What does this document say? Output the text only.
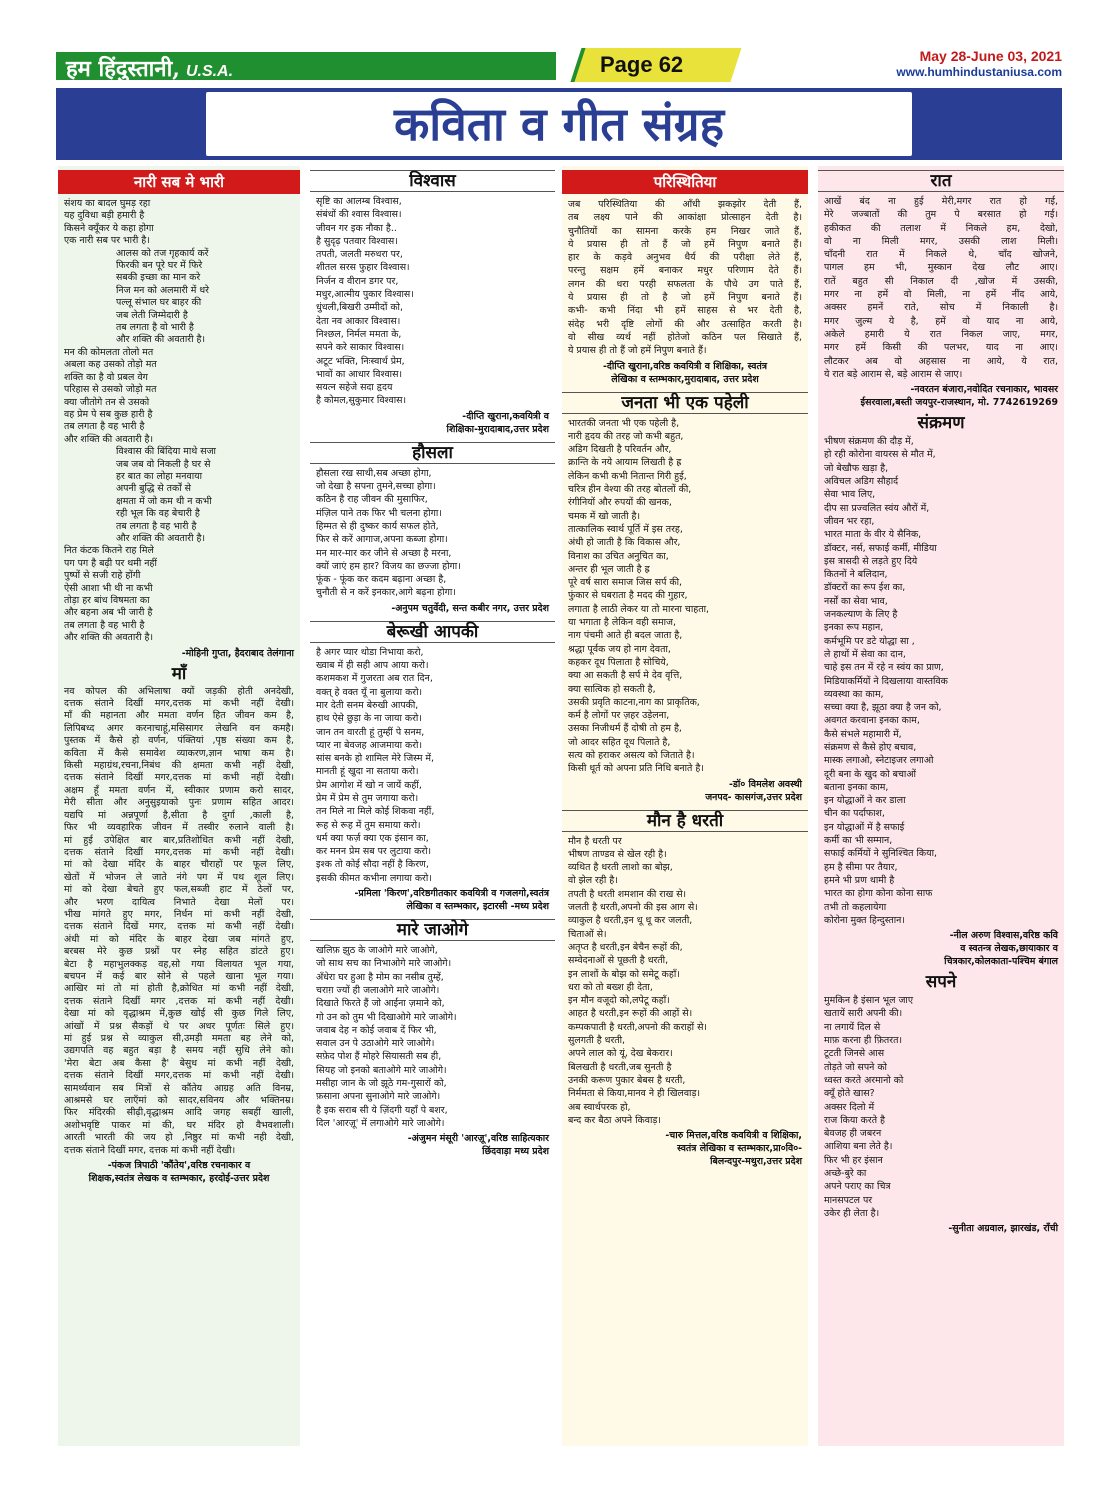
हम हिंदुस्तानी, U.S.A.	Page 62	May 28-June 03, 2021
www.humhindustaniusa.com
कविता व गीत संग्रह
नारी सब मे भारी
संशय का बादल घुमड़ रहा
यह दुविधा बड़ी हमारी है
किसने क्यूँकर ये कहा होगा
एक नारी सब पर भारी है।
आलस को तज गृहकार्य करें
फिरकी बन पूरे घर में फिरे
सबकी इच्छा का मान करे
निज मन को अलमारी में धरे
पल्लू संभाल घर बाहर की
जब लेती जिम्मेदारी है
तब लगता है वो भारी है
और शक्ति की अवतारी है।
मन की कोमलता तोलो मत
अबला कह उसको तोड़ो मत
शक्ति का है वो प्रबल वेग
परिहास से उसको जोड़ो मत
क्या जीतोगे तन से उसको
वह प्रेम पे सब कुछ हारी है
तब लगता है वह भारी है
और शक्ति की अवतारी है।
विश्वास की बिंदिया माथे सजा
जब जब वो निकली है घर से
हर बात का लोहा मनवाया
अपनी बुद्धि से तर्कों से
क्षमता में जो कम थी न कभी
रही भूल कि वह बेचारी है
तब लगता है वह भारी है
और शक्ति की अवतारी है।
नित कंटक कितने राह मिले
पग पग है बढ़ी पर थमी नहीं
पुष्पों से सजी राहे होंगी
ऐसी आशा भी थी ना कभी
तोड़ा हर बांध विषमता का
और बहना अब भी जारी है
तब लगता है वह भारी है
और शक्ति की अवतारी है।
-मोहिनी गुप्ता, हैदराबाद तेलंगाना
माँ
नव कोपल की अभिलाषा क्यों जड़की होती अनदेखी,
दत्तक संताने दिखीं मगर,दत्तक मां कभी नहीं देखी।
माँ की महानता और ममता वर्णन हित जीवन कम है,
लिपिबध्द अगर करनाचाहूं,मसिसागर लेखनि वन कमहै।
पुस्तक में कैसे हो वर्णन, पंक्तियां ,पृष्ठ संख्या कम है,
कविता में कैसे समावेश व्याकरण,ज्ञान भाषा कम है।
किसी महाग्रंथ,रचना,निबंध की क्षमता कभी नहीं देखी,
दत्तक संताने दिखीं मगर,दत्तक मां कभी नहीं देखी।
अक्षम हूँ ममता वर्णन में, स्वीकार प्रणाम करो सादर,
मेरी सीता और अनुसुइयाको पुनः प्रणाम सहित आदर।
यद्यपि मां अन्नपूर्णा है,सीता है दुर्गा ,काली है,
फिर भी व्यवहारिक जीवन में तस्वीर रुलाने वाली है।
मां हुई उपेक्षित बार बार,प्रतिशोधित कभी नहीं देखी,
दत्तक संताने दिखीं मगर,दत्तक मां कभी नहीं देखी।
मां को देखा मंदिर के बाहर चौराहों पर फूल लिए,
खेतों में भोजन ले जाते नंगे पग में पथ शूल लिए।
मां को देखा बेचते हुए फल,सब्जी हाट में ठेलों पर,
और भरण दायित्व निभाते देखा मेलों पर।
भीख मांगते हुए मगर, निर्धन मां कभी नहीं देखी,
दत्तक संताने दिखें मगर, दत्तक मां कभी नहीं देखी।
अंधी मां को मंदिर के बाहर देखा जब मांगते हुए,
बरबस मेरे कुछ प्रश्नों पर स्नेह सहित डांटते हुए।
बेटा है महाभुलक्कड़ वह,सो गया विलायत भूल गया,
बचपन में कई बार सोने से पहले खाना भूल गया।
आखिर मां तो मां होती है,क्रोधित मां कभी नहीं देखी,
दत्तक संताने दिखीं मगर ,दत्तक मां कभी नहीं देखी।
देखा मां को वृद्धाश्रम में,कुछ खोई सी कुछ गिले लिए,
आंखों में प्रश्न सैकड़ों थे पर अधर पूर्णतः सिले हुए।
मां हुई प्रश्न से व्याकुल सी,उमड़ी ममता बह लेने को,
उद्यगपति वह बहुत बड़ा है समय नहीं सुधि लेने को।
'मेरा बेटा अब कैसा है' बेसुध मां कभी नहीं देखी,
दत्तक संताने दिखीं मगर,दत्तक मां कभी नहीं देखी।
सामर्थ्यवान सब मित्रों से कौंतेय आग्रह अति विनम्र,
आश्रमसे घर लाएँमां को सादर,सविनय और भक्तिनम्र।
फिर मंदिरकी सीढ़ी,वृद्धाश्रम आदि जगह सबहीं खाली,
अशोभवृष्टि पाकर मां की, घर मंदिर हो वैभवशाली।
आरती भारती की जय हो ,निष्ठुर मां कभी नही देखी,
दत्तक संताने दिखीं मगर, दत्तक मां कभी नहीं देखी।
-पंकज त्रिपाठी 'कौंतेय',वरिष्ठ रचनाकार व
शिक्षक,स्वतंत्र लेखक व स्तम्भकार, हरदोई-उत्तर प्रदेश
विश्वास
सृष्टि का आलम्ब विश्वास,
संबंधों की श्वास विश्वास।
जीवन गर इक नौका है..
है सुदृढ़ पतवार विश्वास।
तपती, जलती मरुधरा पर,
शीतल सरस फुहार विश्वास।
निर्जन व वीरान डगर पर,
मधुर,आत्मीय पुकार विश्वास।
धुंधली,बिखरी उम्मीदों को,
देता नव आकार विश्वास।
निश्छल, निर्मल ममता के,
सपने करे साकार विश्वास।
अटूट भक्ति, निःस्वार्थ प्रेम,
भावों का आधार विश्वास।
सयत्न सहेजे सदा हृदय
है कोमल,सुकुमार विश्वास।
-दीप्ति खुराना,कवयित्री व
शिक्षिका-मुरादाबाद,उत्तर प्रदेश
हौसला
हौसला रख साथी,सब अच्छा होगा,
जो देखा है सपना तुमने,सच्चा होगा।
कठिन है राह जीवन की मुसाफिर,
मंज़िल पाने तक फिर भी चलना होगा।
हिम्मत से ही दुष्कर कार्य सफल होते,
फिर से करें आगाज,अपना कब्जा होगा।
मन मार-मार कर जीने से अच्छा है मरना,
क्यों जाएं हम हार? विजय का छज्जा होगा।
फूंक - फूंक कर कदम बढ़ाना अच्छा है,
चुनौती से न करें इनकार,आगे बढ़ना होगा।
-अनुपम चतुर्वेदी, सन्त कबीर नगर, उत्तर प्रदेश
बेरूखी आपकी
है अगर प्यार थोडा निभाया करो,
ख्वाब में ही सही आप आया करो।
कशमकश में गुजरता अब रात दिन,
वक्त् हे वक्त यूँ ना बुलाया करो।
मार देती सनम बेरुखी आपकी,
हाथ ऐसे छुड़ा के ना जाया करो।
जान तन वारती हूं तुम्हीं पे सनम,
प्यार ना बेवजह आजमाया करो।
सांस बनके हो शामिल मेरे जिस्म में,
मानती हूं खुदा ना सताया करो।
प्रेम आगोश में खो न जायें कहीं,
प्रेम में प्रेम से तुम जगाया करो।
तन मिले ना मिले कोई शिकवा नहीं,
रूह से रूह में तुम समाया करो।
धर्म क्या फर्ज़ क्या एक इंसान का,
कर मनन प्रेम सब पर लुटाया करो।
इश्क तो कोई सौदा नहीं है किरण,
इसकी कीमत कभीना लगाया करो।
-प्रमिला 'किरण',वरिष्ठगीतकार कवयित्री व गजलगो,स्वतंत्र
लेखिका व स्तम्भकार, इटारसी -मध्य प्रदेश
मारे जाओगे
खलिफ़ झुठ के जाओगे मारे जाओगे,
जो साथ सच का निभाओगे मारे जाओगे।
अँधेरा घर हुआ है मोम का नसीब तुम्हें,
चराग़ ज्यों ही जलाओगे मारे जाओगे।
दिखाते फिरते हैं जो आईना ज़माने को,
गो उन को तुम भी दिखाओगे मारे जाओगे।
जवाब देह न कोई जवाब दें फिर भी,
सवाल उन पे उठाओगे मारे जाओगे।
सफ़ेद पोश हैं मोहरे सियासती सब ही,
सियह जो इनको बताओगे मारे जाओगे।
मसीहा जान के जो झूठे गम-गुसारों को,
फ़साना अपना सुनाओगे मारे जाओगे।
है इक सराब सी ये ज़िंदगी यहाँ पे बशर,
दिल 'आरज़ू' में लगाओगे मारे जाओगे।
-अंजुमन मंसूरी 'आरज़ू',वरिष्ठ साहित्यकार
छिंदवाड़ा मध्य प्रदेश
परिस्थितिया
जब परिस्थितिया की आँधी झकझोर देती हैं,
तब लक्ष्य पाने की आकांक्षा प्रोत्साहन देती है।
चुनौतियों का सामना करके हम निखर जाते हैं,
ये प्रयास ही तो हैं जो हमें निपुण बनाते हैं।
हार के कड़वे अनुभव धैर्य की परीक्षा लेते हैं,
परन्तु सक्षम हमें बनाकर मधुर परिणाम देते हैं।
लगन की धरा परही सफलता के पौधे उग पाते हैं,
ये प्रयास ही तो है जो हमें निपुण बनाते हैं।
कभी- कभी निंदा भी हमें साहस से भर देती है,
संदेह भरी दृष्टि लोगों की और उत्साहित करती है।
वो सीख व्यर्थ नहीं होतेजो कठिन पल सिखाते हैं,
ये प्रयास ही तो हैं जो हमें निपुण बनाते हैं।
-दीप्ति खुराना,वरिष्ठ कवयित्री व शिक्षिका, स्वतंत्र
लेखिका व स्तम्भकार,मुरादाबाद, उत्तर प्रदेश
जनता भी एक पहेली
भारतकी जनता भी एक पहेली है,
नारी हृदय की तरह जो कभी बहुत,
अडिग दिखती है परिवर्तन और,
क्रान्ति के नये आयाम लिखती है ह्र
लेकिन कभी कभी नितान्त गिरी हुई,
चरित्र हीन वेश्या की तरह बोतलों की,
रंगीनियों और रुपयों की खनक,
चमक में खो जाती है।
तात्कालिक स्वार्थ पूर्ति में इस तरह,
अंधी हो जाती है कि विकास और,
विनाश का उचित अनुचित का,
अन्तर ही भूल जाती है ह्र
पूरे वर्ष सारा समाज जिस सर्प की,
फुंकार से घबराता है मदद की गुहार,
लगाता है लाठी लेकर या तो मारना चाहता,
या भगाता है लेकिन वही समाज,
नाग पंचमी आते ही बदल जाता है,
श्रद्धा पूर्वक जय हो नाग देवता,
कहकर दूध पिलाता है सोचिये,
क्या आ सकती है सर्प मे देव वृत्ति,
क्या सात्विक हो सकती है,
उसकी प्रवृति काटना,नाग का प्राकृतिक,
कर्म है लोगों पर ज़हर उड़ेलना,
उसका निजीधर्म हैं दोषी तो हम है,
जो आदर सहित दूध पिलाते है,
सत्य को हराकर असत्य को जिताते है।
किसी धूर्त को अपना प्रति निधि बनाते है।
-डॉ० विमलेश अवस्थी
जनपद- कासगंज,उत्तर प्रदेश
मौन है धरती
मौन है धरती पर
भीषण ताण्डव से खेल रही है।
व्यथित है धरती लाशो का बोझ,
वो झेल रही है।
तपती है धरती शमशान की राख से।
जलती है धरती,अपनो की इस आग से।
व्याकुल है धरती,इन धू धू कर जलती,
चिताओं से।
अतृप्त है धरती,इन बेचैन रूहों की,
सम्वेदनाओं से पूछती है धरती,
इन लाशों के बोझ को समेटू कहाँ।
धरा को तो बख्श ही देता,
इन मौन वजूदो को,लपेटू कहाँ।
आहत है धरती,इन रूहों की आहों से।
कम्पकपाती है धरती,अपनो की कराहों से।
सुलगती है धरती,
अपने लाल को यूं, देख बेकरार।
बिलखती है धरती,जब सुनती है
उनकी करूण पुकार बेबस है धरती,
निर्ममता से किया,मानव ने ही खिलवाड़।
अब स्वार्थपरक हो,
बन्द कर बैठा अपने किवाड़।
-चारु मित्तल,वरिष्ठ कवयित्री व शिक्षिका,
स्वतंत्र लेखिका व स्तम्भकार,प्रा०वि०-
बिलन्दपुर-मथुरा,उत्तर प्रदेश
रात
आखें बंद ना हुई मेरी,मगर रात हो गई,
मेरे जज्बातों की तुम पे बरसात हो गई।
हकीकत की तलाश में निकले हम, देखो,
वो ना मिली मगर, उसकी लाश मिली।
चाँदनी रात में निकले थे, चाँद खोजने,
पागल हम भी, मुस्कान देख लौट आए।
रातें बहुत सी निकाल दी ,खोज में उसकी,
मगर ना हमें वो मिली, ना हमें नींद आये,
अक्सर हमनें राते, सोच में निकाली है।
मगर जुल्म ये है, हमें वो याद ना आये,
अकेले हमारी ये रात निकल जाए, मगर,
मगर हमें किसी की पलभर, याद ना आए।
लौटकर अब वो अहसास ना आये, ये रात,
ये रात बड़े आराम से, बड़े आराम से जाए।
-नवरतन बंजारा,नवोदित रचनाकार, भावसर
ईसरवाला,बस्ती जयपुर-राजस्थान, मो. 7742619269
संक्रमण
भीषण संक्रमण की दौड़ में,
हो रही कोरोना वायरस से मौत में,
जो बेखौफ खड़ा है,
अविचल अडिग सौहार्द
सेवा भाव लिए,
दीप सा प्रज्वलित स्वंय औरों में,
जीवन भर रहा,
भारत माता के वीर ये सैनिक,
डॉक्टर, नर्स, सफाई कर्मी, मीडिया
इस त्रासदी से लड़ते हुए दिये
कितनों ने बलिदान,
डॉक्टरों का रूप ईश का,
नर्सों का सेवा भाव,
जनकल्याण के लिए है
इनका रूप महान,
कर्मभूमि पर डटे योद्धा सा ,
ले हाथों में सेवा का दान,
चाहे इस तन में रहे न स्वंय का प्राण,
मिडियाकर्मियों ने दिखलाया वास्तविक
व्यवस्था का काम,
सच्चा क्या है, झूठा क्या है जन को,
अवगत करवाना इनका काम,
कैसे संभले महामारी में,
संक्रमण से कैसे होए बचाव,
मास्क लगाओ, स्नेटाइजर लगाओ
दूरी बना के खुद को बचाओं
बताना इनका काम,
इन योद्धाओं ने कर डाला
चीन का पर्दाफाश,
इन योद्धाओं में है सफाई
कर्मी का भी सम्मान,
सफाई कर्मियों ने सुनिश्चित किया,
हम है सीमा पर तैयार,
हमने भी प्रण थामी है
भारत का होगा कोना कोना साफ
तभी तो कहलायेगा
कोरोना मुक्त हिन्दुस्तान।
-नील अरुण विश्वास,वरिष्ठ कवि
व स्वतन्त्र लेखक,छायाकार व
चित्रकार,कोलकाता-पश्चिम बंगाल
सपने
मुमकिन है इंसान भूल जाए
खतायें सारी अपनी की।
ना लगायें दिल से
माफ़ करना ही फ़ितरत।
टूटती जिनसे आस
तोड़ते जो सपने को
ध्वस्त करते अरमानो को
क्यूँ होते खास?
अक्सर दिलो में
राज किया करते है
बेवजह ही जबरन
आशिया बना लेते है।
फिर भी हर इंसान
अच्छे-बुरे का
अपने पराए का चित्र
मानसपटल पर
उकेर ही लेता है।
-सुनीता अग्रवाल, झारखंड, राँची
